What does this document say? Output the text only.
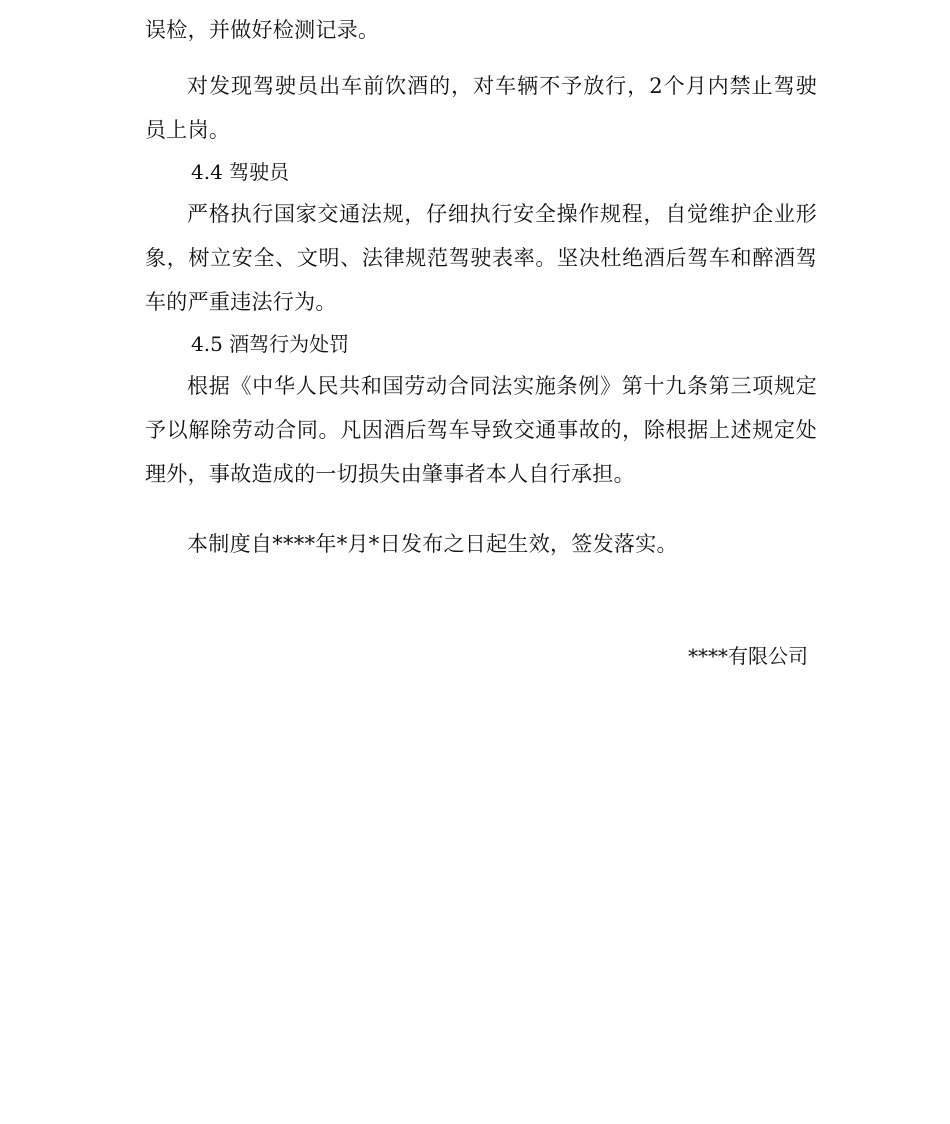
误检，并做好检测记录。

对发现驾驶员出车前饮酒的，对车辆不予放行，2个月内禁止驾驶员上岗。

4.4 驾驶员

严格执行国家交通法规，仔细执行安全操作规程，自觉维护企业形象，树立安全、文明、法律规范驾驶表率。坚决杜绝酒后驾车和醉酒驾车的严重违法行为。

4.5 酒驾行为处罚

根据《中华人民共和国劳动合同法实施条例》第十九条第三项规定予以解除劳动合同。凡因酒后驾车导致交通事故的，除根据上述规定处理外，事故造成的一切损失由肇事者本人自行承担。

本制度自****年*月*日发布之日起生效，签发落实。

****有限公司
